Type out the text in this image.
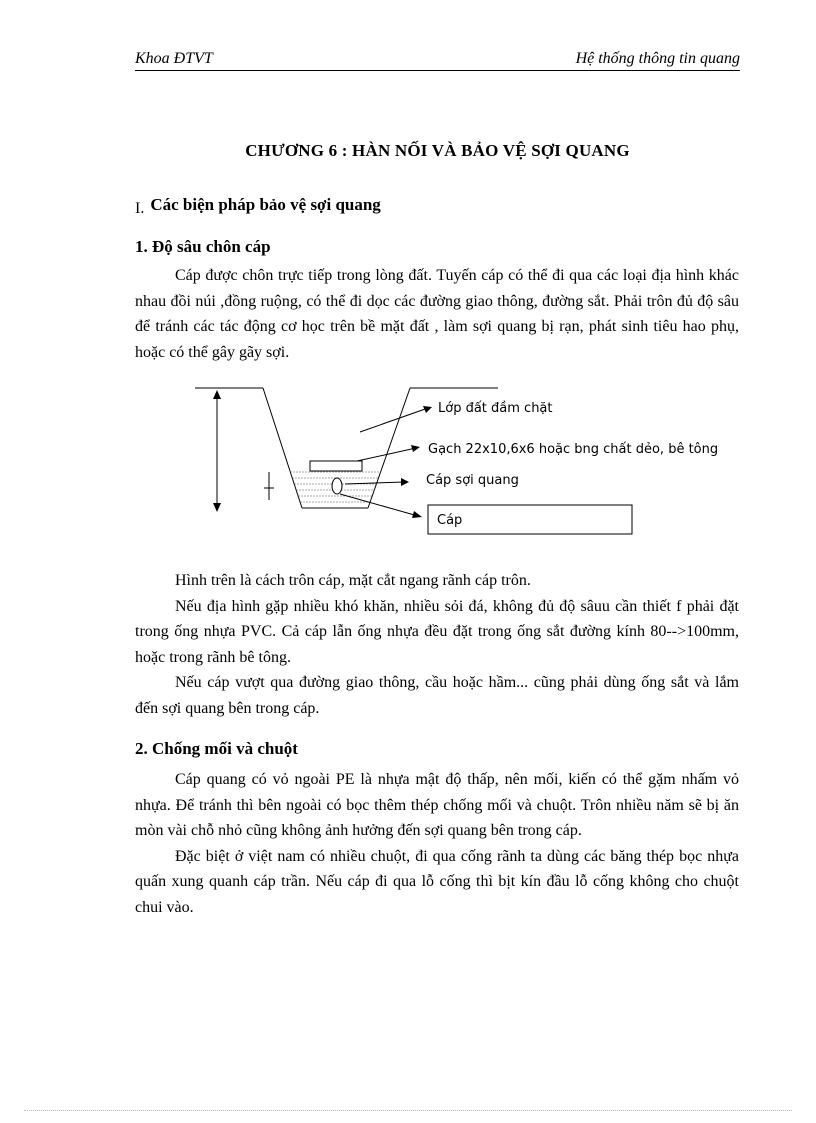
Khoa ĐTVT	Hệ thống thông tin quang
CHƯƠNG 6 : HÀN NỐI VÀ BẢO VỆ SỢI QUANG
I. Các biện pháp bảo vệ sợi quang
1. Độ sâu chôn cáp

Cáp được chôn trực tiếp trong lòng đất. Tuyến cáp có thể đi qua các loại địa hình khác nhau đồi núi ,đồng ruộng, có thể đi dọc các đường giao thông, đường sắt. Phải trôn đủ độ sâu để tránh các tác động cơ học trên bề mặt đất , làm sợi quang bị rạn, phát sinh tiêu hao phụ, hoặc có thể gây gãy sợi.

Lớp đất đầm chặt
Gạch 22x10,6x6 hoặc bng chất dẻo, bê tông
Cáp sợi quang
Cáp

Hình trên là cách trôn cáp, mặt cắt ngang rãnh cáp trôn.

Nếu địa hình gặp nhiều khó khăn, nhiều sỏi đá, không đủ độ sâuu cần thiết f phải đặt trong ống nhựa PVC. Cả cáp lẫn ống nhựa đều đặt trong ống sắt đường kính 80-->100mm, hoặc trong rãnh bê tông.

Nếu cáp vượt qua đường giao thông, cầu hoặc hầm... cũng phải dùng ống sắt và lắm đến sợi quang bên trong cáp.

2. Chống mối và chuột

Cáp quang có vỏ ngoài PE là nhựa mật độ thấp, nên mối, kiến có thể gặm nhấm vỏ nhựa. Để tránh thì bên ngoài có bọc thêm thép chống mối và chuột. Trôn nhiều năm sẽ bị ăn mòn vài chỗ nhỏ cũng không ảnh hưởng đến sợi quang bên trong cáp.

Đặc biệt ở việt nam có nhiều chuột, đi qua cống rãnh ta dùng các băng thép bọc nhựa quấn xung quanh cáp trần. Nếu cáp đi qua lỗ cống thì bịt kín đầu lỗ cống không cho chuột chui vào.
